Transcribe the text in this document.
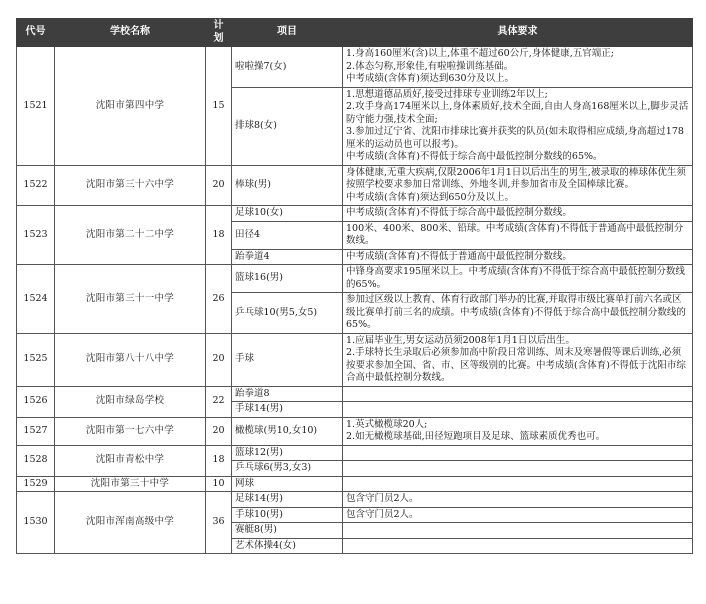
代号	学校名称	计划	项目	具体要求
1521	沈阳市第四中学	15	啦啦操7(女)	1.身高160厘米(含)以上,体重不超过60公斤,身体健康,五官端正;
2.体态匀称,形象佳,有啦啦操训练基础。
中考成绩(含体育)须达到630分及以上。

			排球8(女)	1.思想道德品质好,接受过排球专业训练2年以上;
2.攻手身高174厘米以上,身体素质好,技术全面,自由人身高168厘米以上,脚步灵活防守能力强,技术全面;
3.参加过辽宁省、沈阳市排球比赛并获奖的队员(如未取得相应成绩,身高超过178厘米的运动员也可以报考)。
中考成绩(含体育)不得低于综合高中最低控制分数线的65%。

1522	沈阳市第三十六中学	20	棒球(男)	身体健康,无重大疾病,仅限2006年1月1日以后出生的男生,被录取的棒球体优生须按照学校要求参加日常训练、外地冬训,并参加省市及全国棒球比赛。
中考成绩(含体育)须达到650分及以上。

1523	沈阳市第二十二中学	18	足球10(女)	中考成绩(含体育)不得低于综合高中最低控制分数线。

			田径4	100米、400米、800米、铅球。中考成绩(含体育)不得低于普通高中最低控制分数线。

			跆拳道4	中考成绩(含体育)不得低于普通高中最低控制分数线。

1524	沈阳市第三十一中学	26	篮球16(男)	中锋身高要求195厘米以上。中考成绩(含体育)不得低于综合高中最低控制分数线的65%。

			乒乓球10(男5,女5)	参加过区级以上教育、体育行政部门举办的比赛,并取得市级比赛单打前六名或区级比赛单打前三名的成绩。中考成绩(含体育)不得低于综合高中最低控制分数线的65%。

1525	沈阳市第八十八中学	20	手球	1.应届毕业生,男女运动员须2008年1月1日以后出生。
2.手球特长生录取后必须参加高中阶段日常训练、周末及寒暑假等课后训练,必须按要求参加全国、省、市、区等级别的比赛。中考成绩(含体育)不得低于沈阳市综合高中最低控制分数线。

1526	沈阳市绿岛学校	22	跆拳道8	
			手球14(男)	
1527	沈阳市第一七六中学	20	橄榄球(男10,女10)	1.英式橄榄球20人;
2.如无橄榄球基础,田径短跑项目及足球、篮球素质优秀也可。

1528	沈阳市青松中学	18	篮球12(男)	
			乒乓球6(男3,女3)	
1529	沈阳市第三十中学	10	网球	
1530	沈阳市浑南高级中学	36	足球14(男)	包含守门员2人。

			手球10(男)	包含守门员2人。

			赛艇8(男)	
			艺术体操4(女)	
